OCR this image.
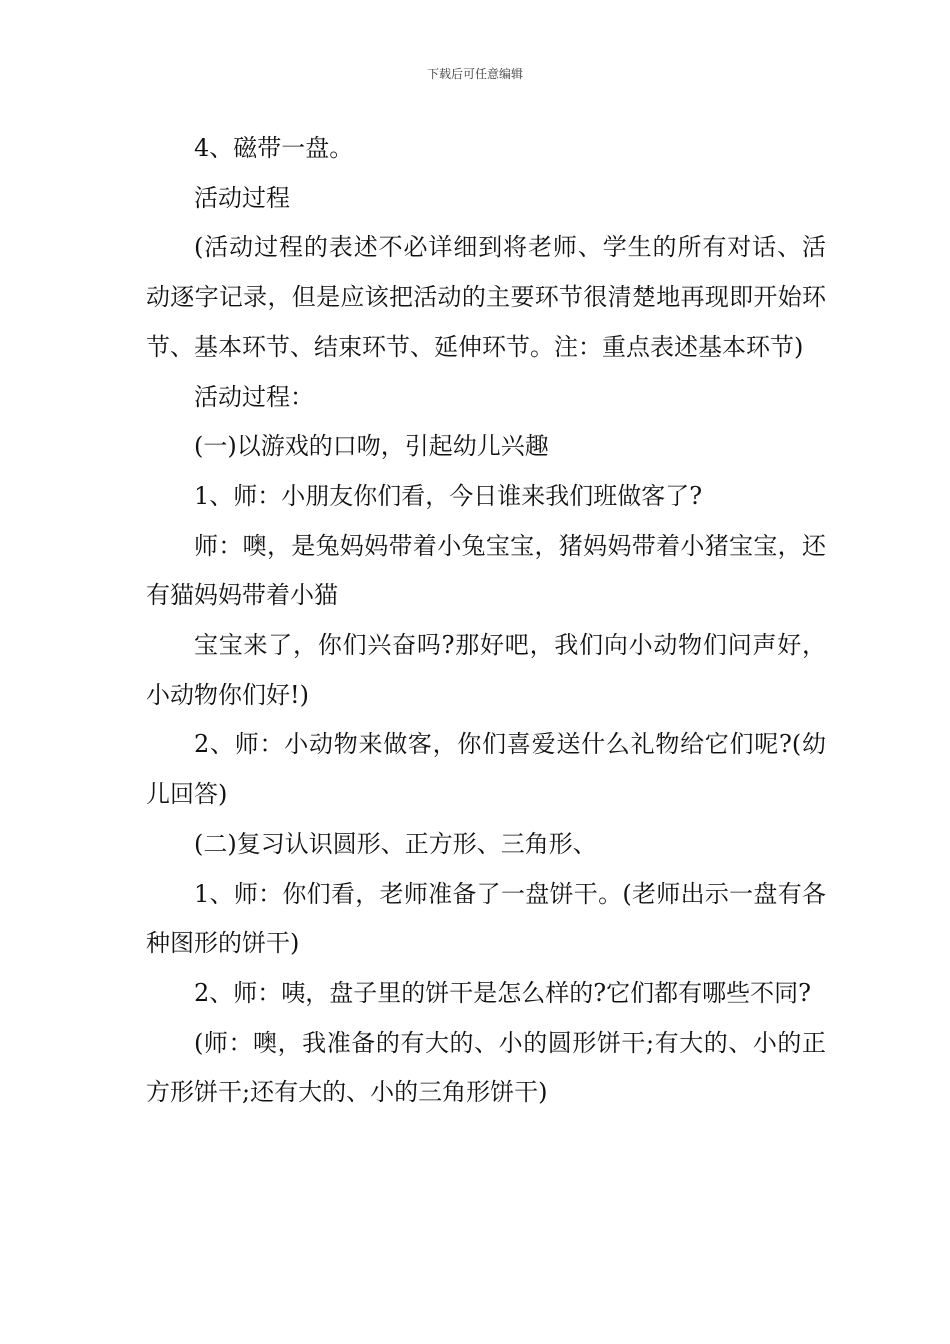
下载后可任意编辑

4、磁带一盘。

活动过程

(活动过程的表述不必详细到将老师、学生的所有对话、活动逐字记录，但是应该把活动的主要环节很清楚地再现即开始环节、基本环节、结束环节、延伸环节。注：重点表述基本环节)

活动过程：

(一)以游戏的口吻，引起幼儿兴趣

1、师：小朋友你们看，今日谁来我们班做客了?

师：噢，是兔妈妈带着小兔宝宝，猪妈妈带着小猪宝宝，还有猫妈妈带着小猫

宝宝来了，你们兴奋吗?那好吧，我们向小动物们问声好，小动物你们好!)

2、师：小动物来做客，你们喜爱送什么礼物给它们呢?(幼儿回答)

(二)复习认识圆形、正方形、三角形、

1、师：你们看，老师准备了一盘饼干。(老师出示一盘有各种图形的饼干)

2、师：咦，盘子里的饼干是怎么样的?它们都有哪些不同?

(师：噢，我准备的有大的、小的圆形饼干;有大的、小的正方形饼干;还有大的、小的三角形饼干)
